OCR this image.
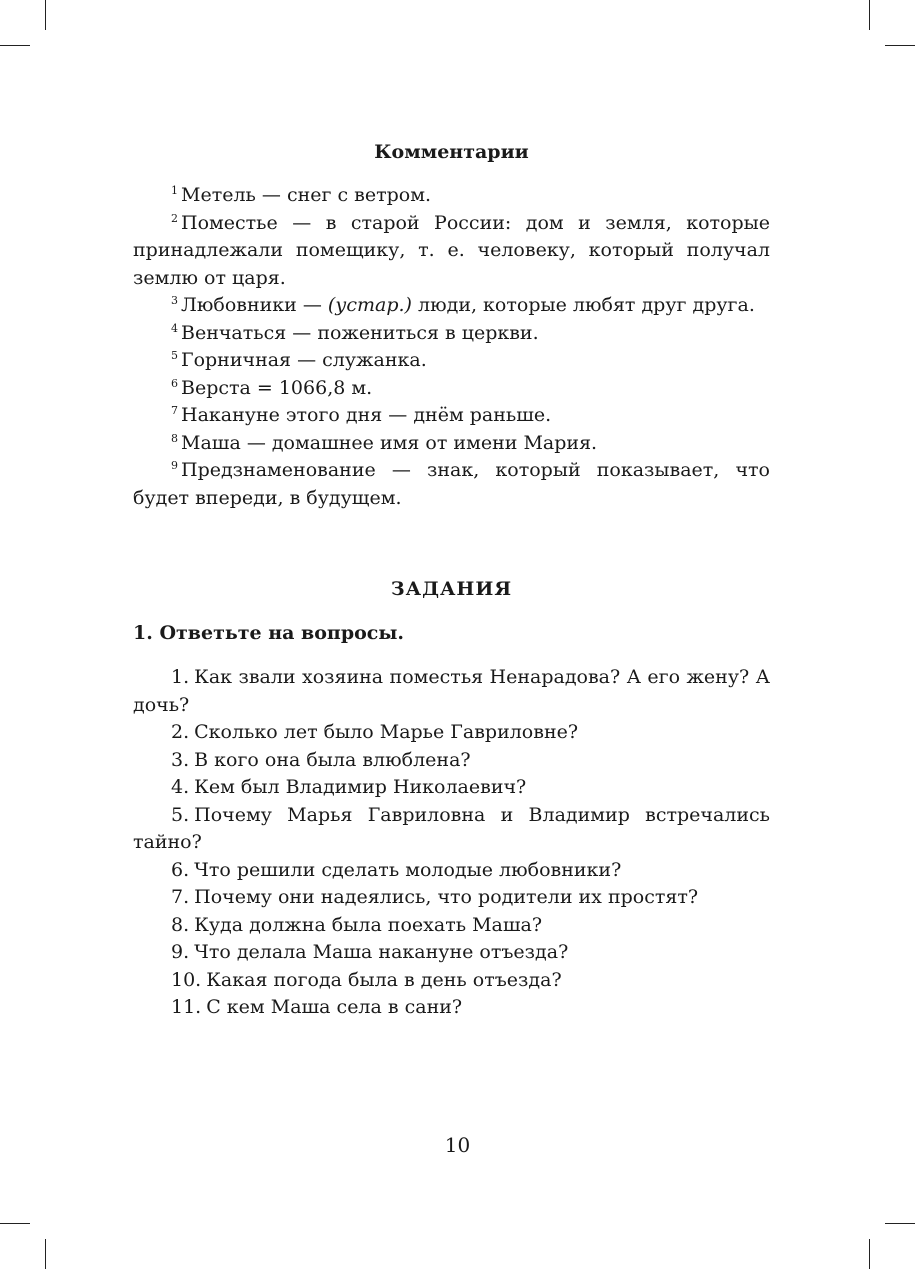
Комментарии

$^1$ Метель — снег с ветром.

$^2$ Поместье — в старой России: дом и земля, которые принадлежали помещику, т. е. человеку, который получал землю от царя.

$^3$ Любовники — (устар.) люди, которые любят друг друга.

$^4$ Венчаться — пожениться в церкви.

$^5$ Горничная — служанка.

$^6$ Верста = 1066,8 м.

$^7$ Накануне этого дня — днём раньше.

$^8$ Маша — домашнее имя от имени Мария.

$^9$ Предзнаменование — знак, который показывает, что будет впереди, в будущем.

ЗАДАНИЯ
1. Ответьте на вопросы.

1. Как звали хозяина поместья Ненарадова? А его жену? А дочь?

2. Сколько лет было Марье Гавриловне?

3. В кого она была влюблена?

4. Кем был Владимир Николаевич?

5. Почему Марья Гавриловна и Владимир встречались тайно?

6. Что решили сделать молодые любовники?

7. Почему они надеялись, что родители их простят?

8. Куда должна была поехать Маша?

9. Что делала Маша накануне отъезда?

10. Какая погода была в день отъезда?

11. С кем Маша села в сани?

10
